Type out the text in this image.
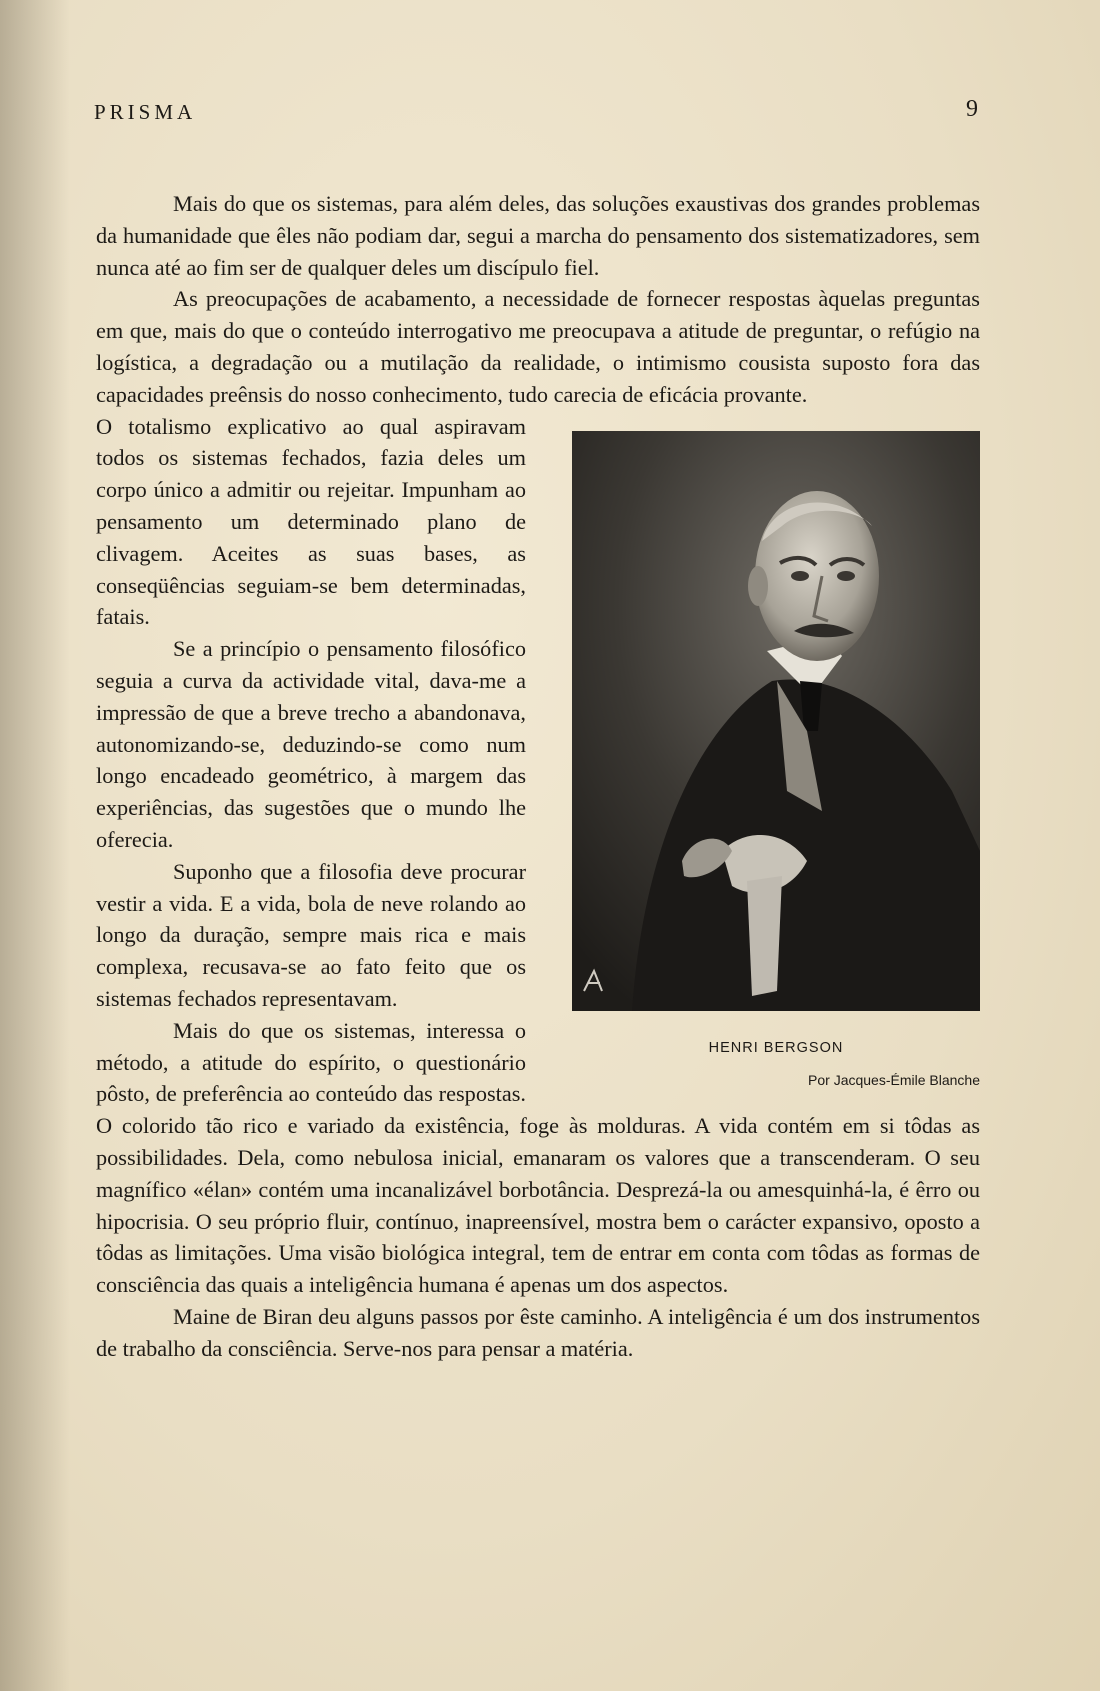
PRISMA	9

Mais do que os sistemas, para além deles, das soluções exaustivas dos grandes problemas da humanidade que êles não podiam dar, segui a marcha do pensamento dos sistematizadores, sem nunca até ao fim ser de qualquer deles um discípulo fiel.

As preocupações de acabamento, a necessidade de fornecer respostas àquelas preguntas em que, mais do que o conteúdo interrogativo me preocupava a atitude de preguntar, o refúgio na logística, a degradação ou a mutilação da realidade, o intimismo cousista suposto fora das capacidades preênsis do nosso conhecimento, tudo carecia de eficácia provante.

HENRI BERGSON
Por Jacques-Émile Blanche

O totalismo explicativo ao qual aspiravam todos os sistemas fechados, fazia deles um corpo único a admitir ou rejeitar. Impunham ao pensamento um determinado plano de clivagem. Aceites as suas bases, as conseqüências seguiam-se bem determinadas, fatais.

Se a princípio o pensamento filosófico seguia a curva da actividade vital, dava-me a impressão de que a breve trecho a abandonava, autonomizando-se, deduzindo-se como num longo encadeado geométrico, à margem das experiências, das sugestões que o mundo lhe oferecia.

Suponho que a filosofia deve procurar vestir a vida. E a vida, bola de neve rolando ao longo da duração, sempre mais rica e mais complexa, recusava-se ao fato feito que os sistemas fechados representavam.

Mais do que os sistemas, interessa o método, a atitude do espírito, o questionário pôsto, de preferência ao conteúdo das respostas. O colorido tão rico e variado da existência, foge às molduras. A vida contém em si tôdas as possibilidades. Dela, como nebulosa inicial, emanaram os valores que a transcenderam. O seu magnífico «élan» contém uma incanalizável borbotância. Desprezá-la ou amesquinhá-la, é êrro ou hipocrisia. O seu próprio fluir, contínuo, inapreensível, mostra bem o carácter expansivo, oposto a tôdas as limitações. Uma visão biológica integral, tem de entrar em conta com tôdas as formas de consciência das quais a inteligência humana é apenas um dos aspectos.

Maine de Biran deu alguns passos por êste caminho. A inteligência é um dos instrumentos de trabalho da consciência. Serve-nos para pensar a matéria.
